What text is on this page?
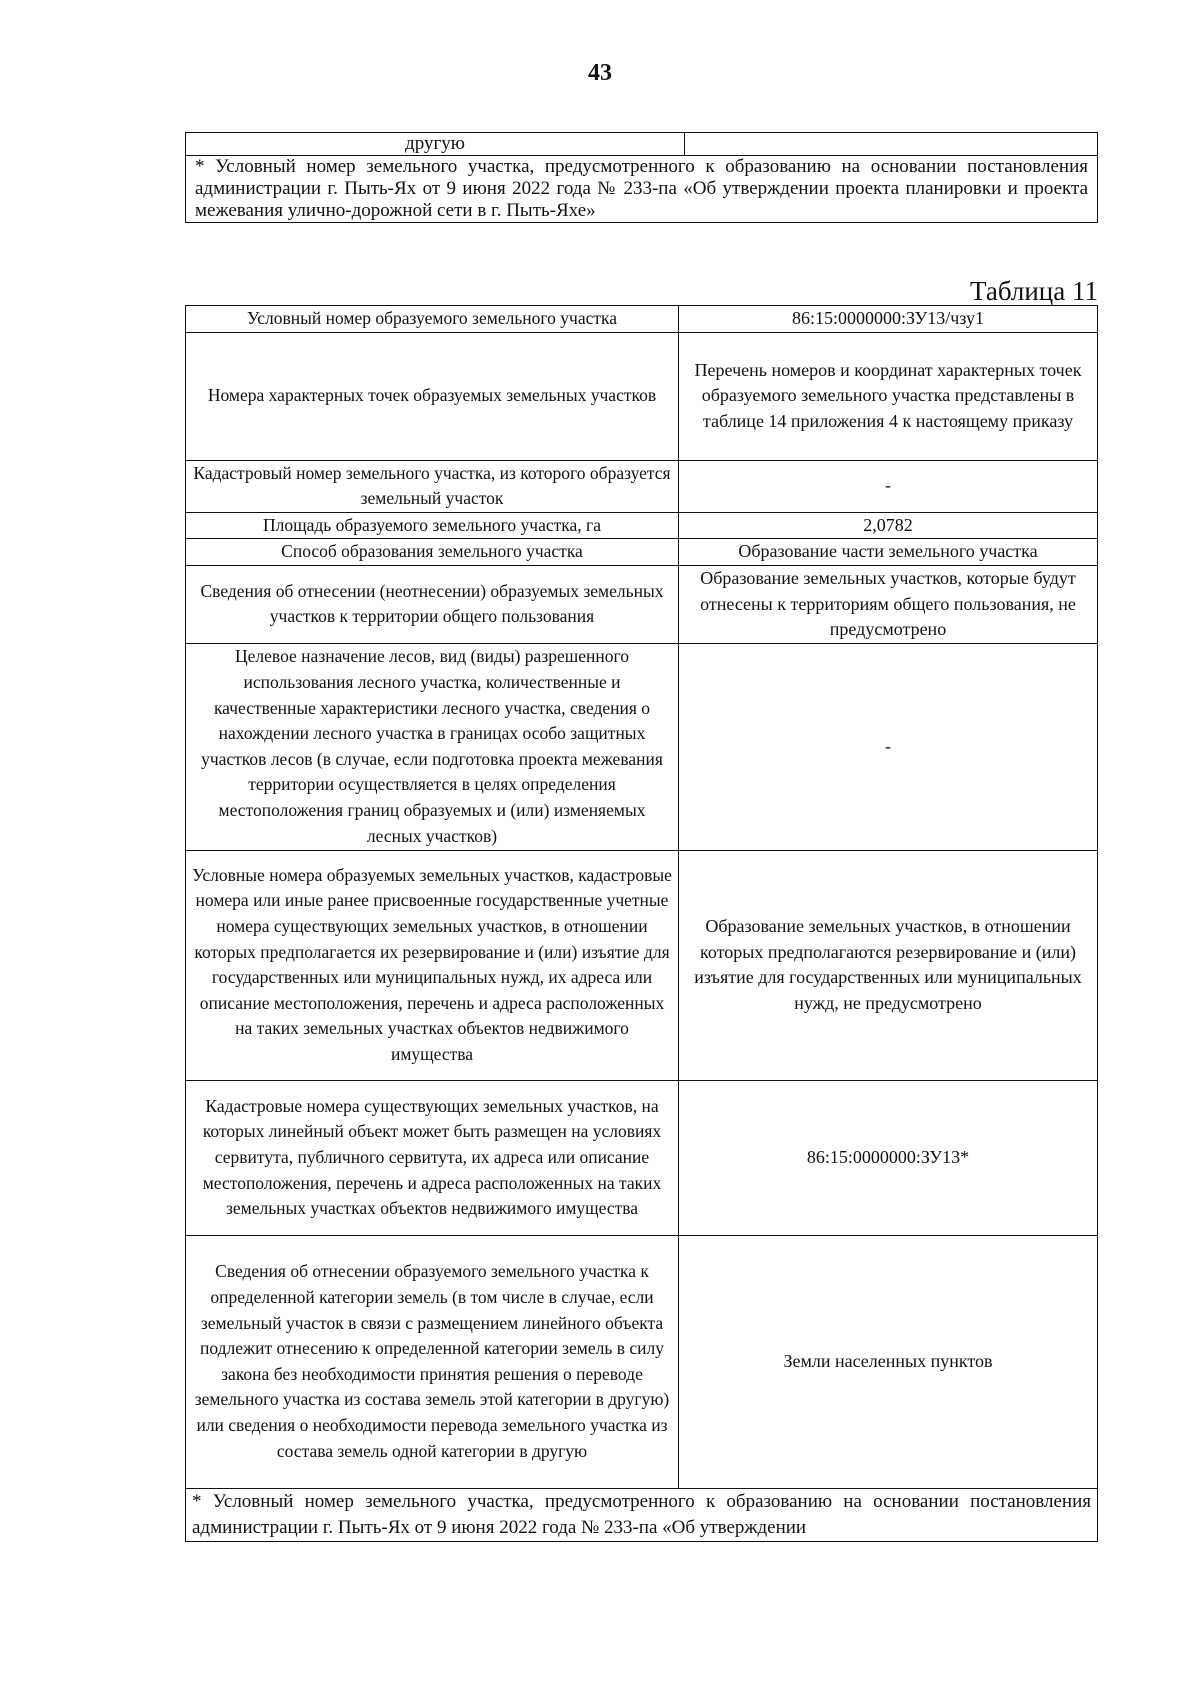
43
другую	
* Условный номер земельного участка, предусмотренного к образованию на основании постановления администрации г. Пыть-Ях от 9 июня 2022 года № 233-па «Об утверждении проекта планировки и проекта межевания улично-дорожной сети в г. Пыть-Яхе»
Таблица 11
Условный номер образуемого земельного участка	86:15:0000000:ЗУ13/чзу1
Номера характерных точек образуемых земельных участков	Перечень номеров и координат характерных точек образуемого земельного участка представлены в таблице 14 приложения 4 к настоящему приказу
Кадастровый номер земельного участка, из которого образуется земельный участок	-
Площадь образуемого земельного участка, га	2,0782
Способ образования земельного участка	Образование части земельного участка
Сведения об отнесении (неотнесении) образуемых земельных участков к территории общего пользования	Образование земельных участков, которые будут отнесены к территориям общего пользования, не предусмотрено
Целевое назначение лесов, вид (виды) разрешенного использования лесного участка, количественные и качественные характеристики лесного участка, сведения о нахождении лесного участка в границах особо защитных участков лесов (в случае, если подготовка проекта межевания территории осуществляется в целях определения местоположения границ образуемых и (или) изменяемых лесных участков)	-
Условные номера образуемых земельных участков, кадастровые номера или иные ранее присвоенные государственные учетные номера существующих земельных участков, в отношении которых предполагается их резервирование и (или) изъятие для государственных или муниципальных нужд, их адреса или описание местоположения, перечень и адреса расположенных на таких земельных участках объектов недвижимого имущества	Образование земельных участков, в отношении которых предполагаются резервирование и (или) изъятие для государственных или муниципальных нужд, не предусмотрено
Кадастровые номера существующих земельных участков, на которых линейный объект может быть размещен на условиях сервитута, публичного сервитута, их адреса или описание местоположения, перечень и адреса расположенных на таких земельных участках объектов недвижимого имущества	86:15:0000000:ЗУ13*
Сведения об отнесении образуемого земельного участка к определенной категории земель (в том числе в случае, если земельный участок в связи с размещением линейного объекта подлежит отнесению к определенной категории земель в силу закона без необходимости принятия решения о переводе земельного участка из состава земель этой категории в другую) или сведения о необходимости перевода земельного участка из состава земель одной категории в другую	Земли населенных пунктов
* Условный номер земельного участка, предусмотренного к образованию на основании постановления администрации г. Пыть-Ях от 9 июня 2022 года № 233-па «Об утверждении	
